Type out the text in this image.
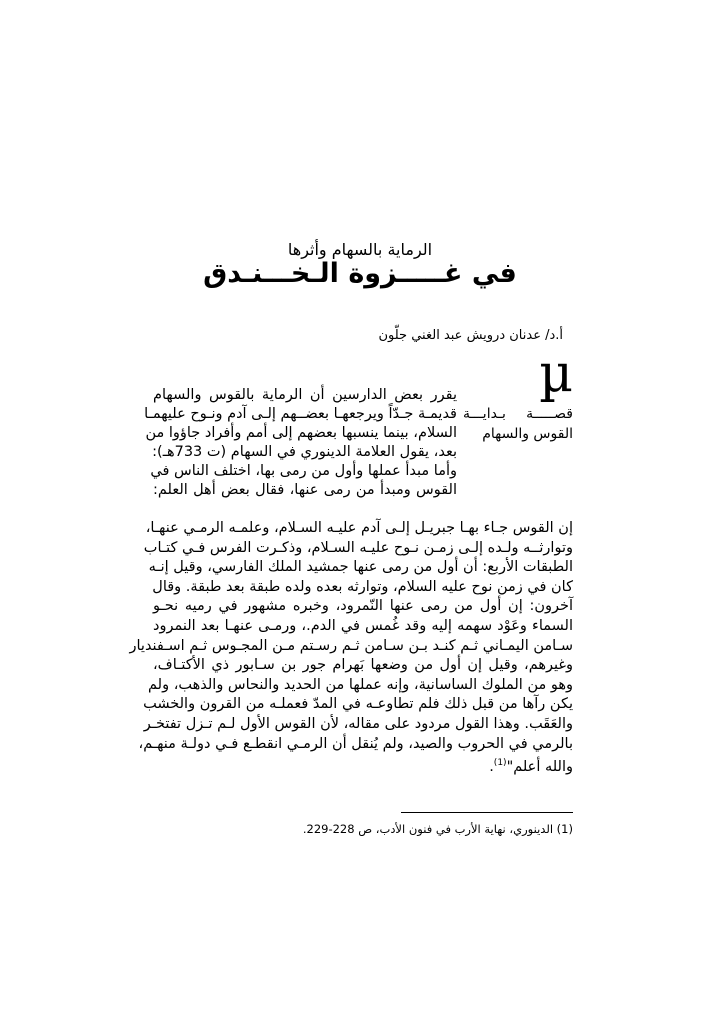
الرماية بالسهام وأثرها

في غـــــزوة الـخـــنـدق

أ.د/ عدنان درويش عبد الغني جلّون

µ

قصـــــة بـدايـــة القوس والسهام

يقرر بعض الدارسين أن الرماية بالقوس والسهام

قديمـة جـدّاً ويرجعهـا بعضــهم إلـى آدم ونـوح عليهمـا

السلام، بينما ينسبها بعضهم إلى أمم وأفراد جاؤوا من

بعد، يقول العلامة الدينوري في السهام (ت 733هـ):

وأما مبدأ عملها وأول من رمى بها، اختلف الناس في

القوس ومبدأ من رمى عنها، فقال بعض أهل العلم:

إن القوس جـاء بهـا جبريـل إلـى آدم عليـه السـلام، وعلمـه الرمـي عنهـا،

وتوارثــه ولـده إلـى زمـن نـوح عليـه السـلام، وذكـرت الفرس فـي كتـاب

الطبقات الأربع: أن أول من رمى عنها جمشيد الملك الفارسي، وقيل إنـه

كان في زمن نوح عليه السلام، وتوارثه بعده ولده طبقة بعد طبقة. وقال

آخرون: إن أول من رمى عنها النّمرود، وخبره مشهور في رميه نحـو

السماء وعَوْد سهمه إليه وقد غُمس في الدم.، ورمـى عنهـا بعد النمرود

سـامن اليمـاني ثـم كنـد بـن سـامن ثـم رسـتم مـن المجـوس ثـم اسـفنديار

وغيرهم، وقيل إن أول من وضعها بَهرام جور بن سـابور ذي الأكتـاف،

وهو من الملوك الساسانية، وإنه عملها من الحديد والنحاس والذهب، ولم

يكن رآها من قبل ذلك فلم تطاوعـه في المدّ فعملـه من القرون والخشب

والعَقَب. وهذا القول مردود على مقاله، لأن القوس الأول لـم تـزل تفتخـر

بالرمي في الحروب والصيد، ولم يُنقل أن الرمـي انقطـع فـي دولـة منهـم،

والله أعلم"$^{(1)}$.

(1) الدينوري، نهاية الأرب في فنون الأدب، ص 228-229.
